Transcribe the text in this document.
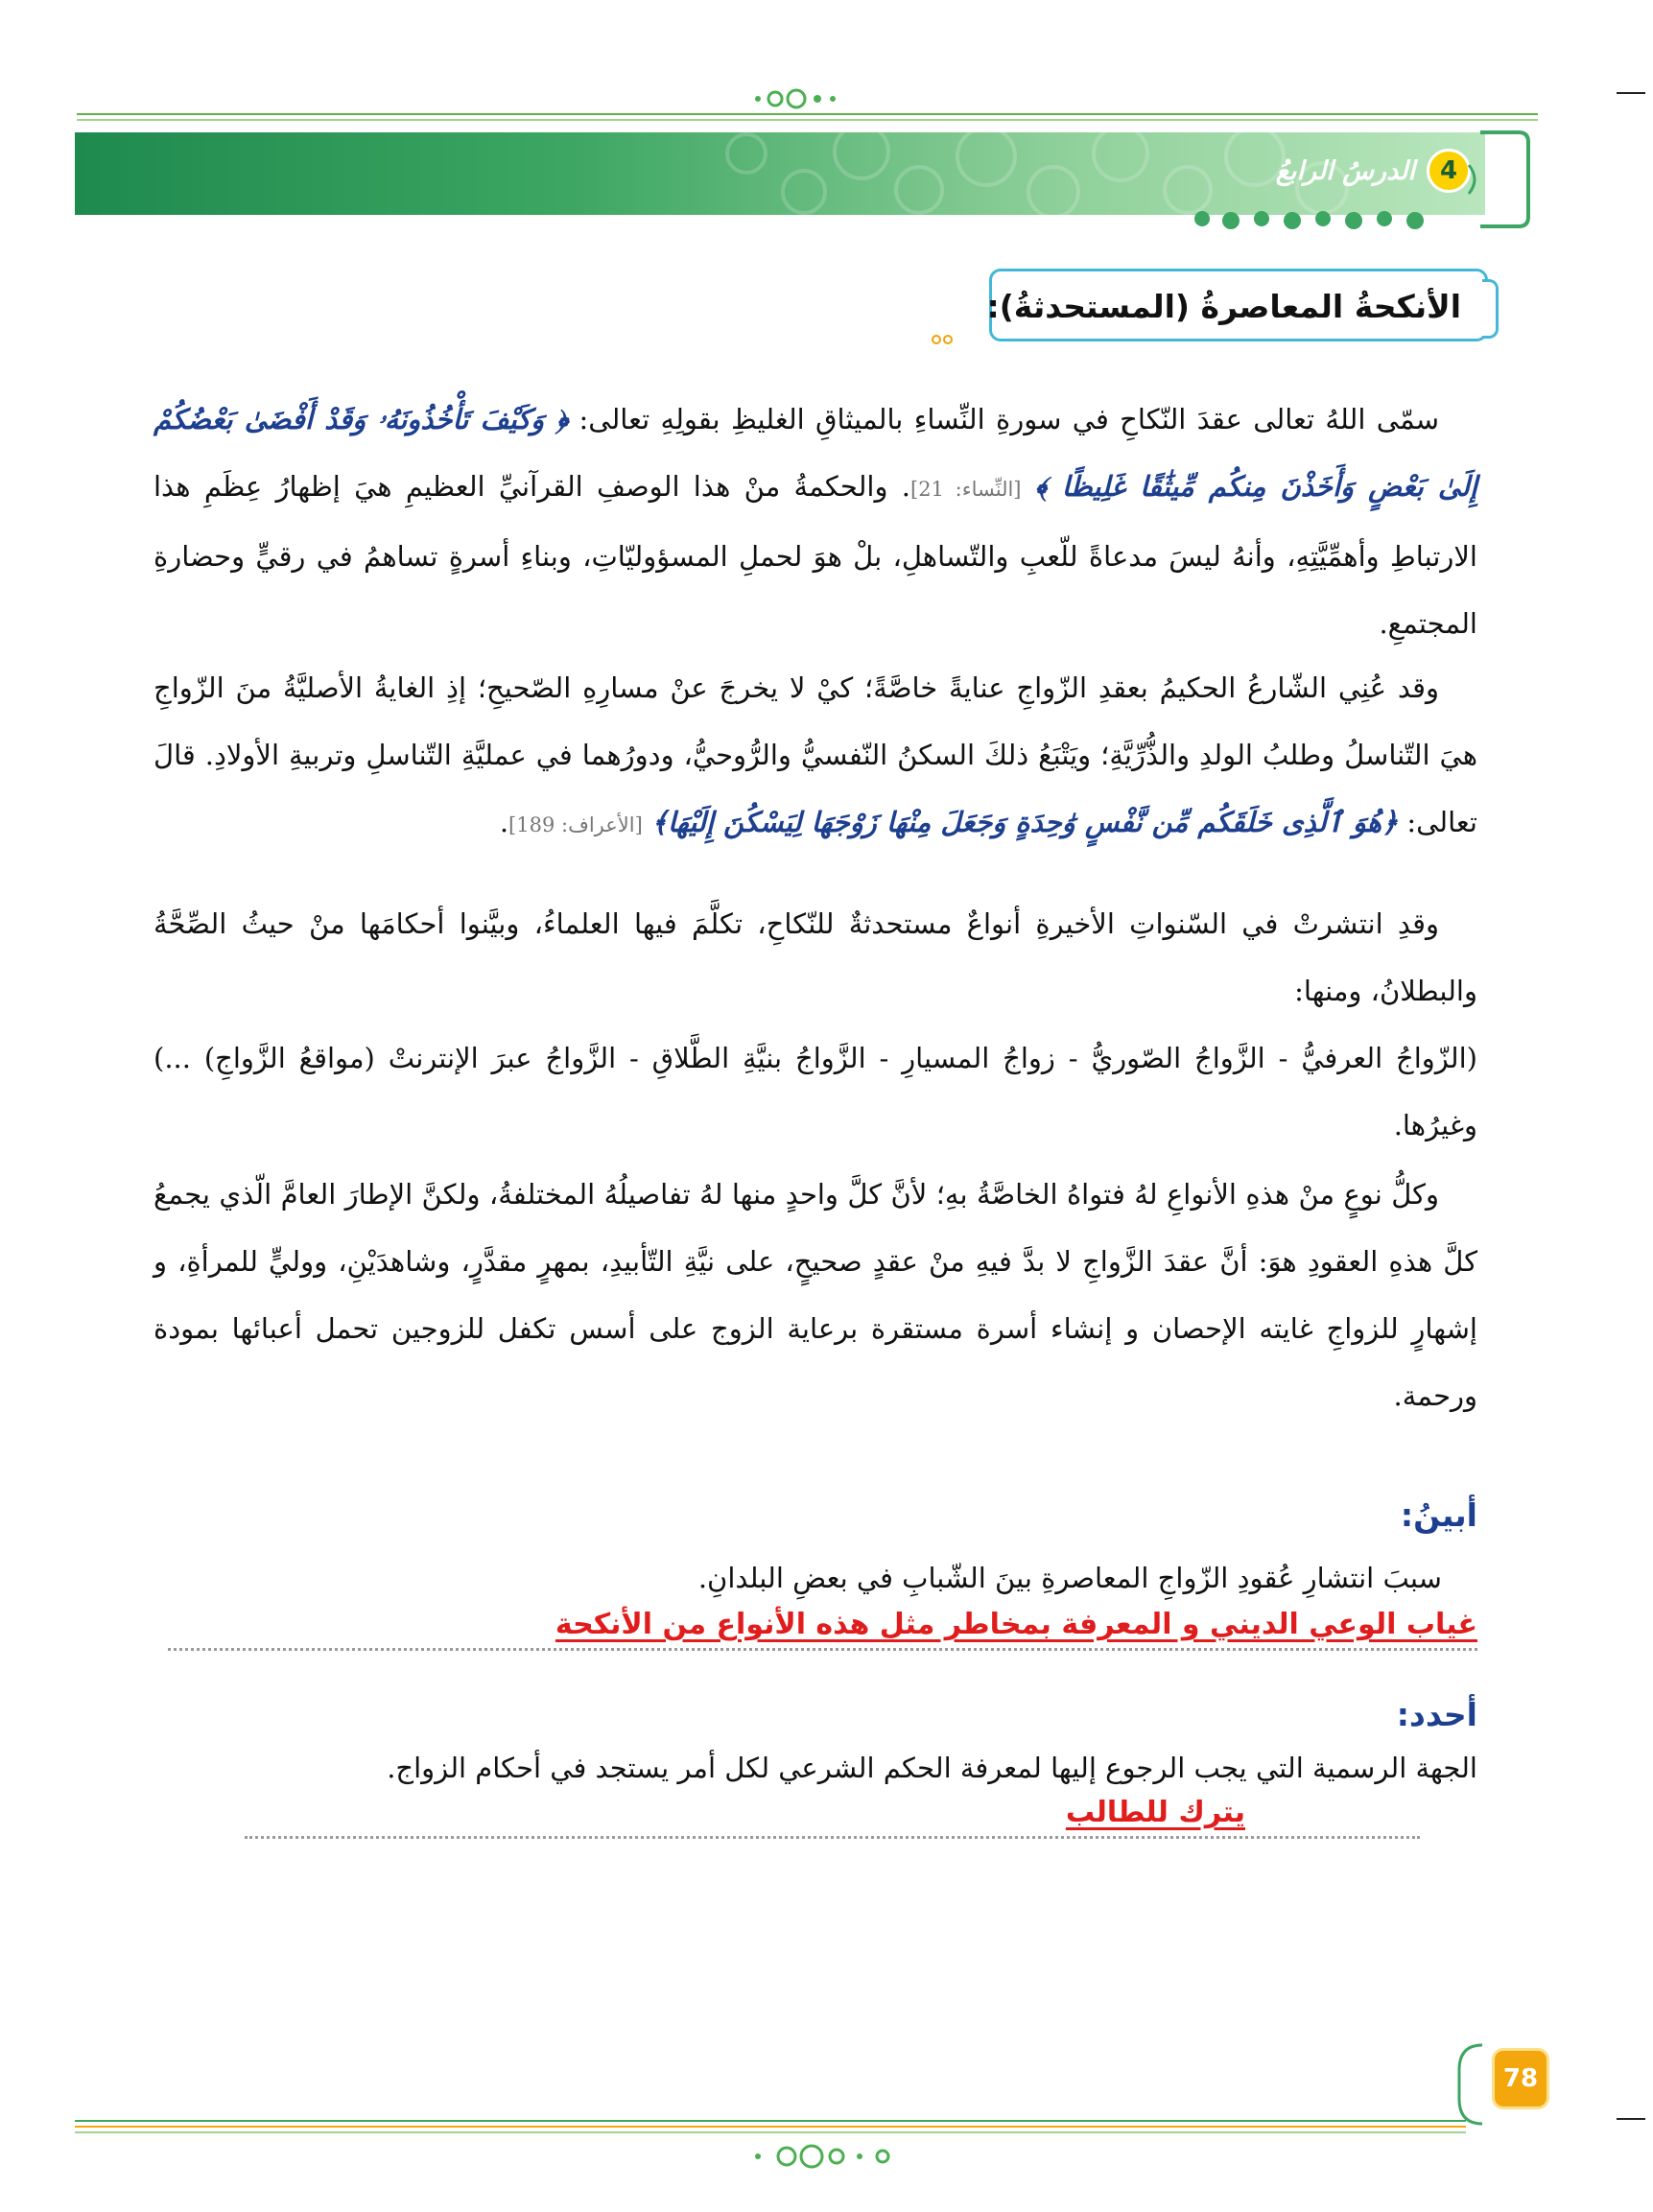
4
الدرسُ الرابعُ
الأنكحةُ المعاصرةُ (المستحدثةُ):
سمّى اللهُ تعالى عقدَ النّكاحِ في سورةِ النِّساءِ بالميثاقِ الغليظِ بقولِهِ تعالى: ﴿ وَكَيْفَ تَأْخُذُونَهُۥ وَقَدْ أَفْضَىٰ بَعْضُكُمْ إِلَىٰ بَعْضٍ وَأَخَذْنَ مِنكُم مِّيثَٰقًا غَلِيظًا ﴾ [النِّساء: 21]. والحكمةُ منْ هذا الوصفِ القرآنيِّ العظيمِ هيَ إظهارُ عِظَمِ هذا الارتباطِ وأهمِّيَّتِهِ، وأنهُ ليسَ مدعاةً للّعبِ والتّساهلِ، بلْ هوَ لحملِ المسؤوليّاتِ، وبناءِ أسرةٍ تساهمُ في رقيٍّ وحضارةِ المجتمعِ.
وقد عُنِي الشّارعُ الحكيمُ بعقدِ الزّواجِ عنايةً خاصَّةً؛ كيْ لا يخرجَ عنْ مسارِهِ الصّحيحِ؛ إذِ الغايةُ الأصليَّةُ منَ الزّواجِ هيَ التّناسلُ وطلبُ الولدِ والذُّرِّيَّةِ؛ ويَتْبَعُ ذلكَ السكنُ النّفسيُّ والرُّوحيُّ، ودورُهما في عمليَّةِ التّناسلِ وتربيةِ الأولادِ. قالَ تعالى: ﴿هُوَ ٱلَّذِى خَلَقَكُم مِّن نَّفْسٍ وَٰحِدَةٍ وَجَعَلَ مِنْهَا زَوْجَهَا لِيَسْكُنَ إِلَيْهَا﴾ [الأعراف: 189].
وقدِ انتشرتْ في السّنواتِ الأخيرةِ أنواعٌ مستحدثةٌ للنّكاحِ، تكلَّمَ فيها العلماءُ، وبيَّنوا أحكامَها منْ حيثُ الصِّحَّةُ والبطلانُ، ومنها:
(الزّواجُ العرفيُّ - الزَّواجُ الصّوريُّ - زواجُ المسيارِ - الزَّواجُ بنيَّةِ الطَّلاقِ - الزَّواجُ عبرَ الإنترنتْ (مواقعُ الزَّواجِ) ...) وغيرُها.
وكلُّ نوعٍ منْ هذهِ الأنواعِ لهُ فتواهُ الخاصَّةُ بهِ؛ لأنَّ كلَّ واحدٍ منها لهُ تفاصيلُهُ المختلفةُ، ولكنَّ الإطارَ العامَّ الّذي يجمعُ كلَّ هذهِ العقودِ هوَ: أنَّ عقدَ الزَّواجِ لا بدَّ فيهِ منْ عقدٍ صحيحٍ، على نيَّةِ التّأبيدِ، بمهرٍ مقدَّرٍ، وشاهدَيْنِ، ووليٍّ للمرأةِ، و إشهارٍ للزواجِ غايته الإحصان و إنشاء أسرة مستقرة برعاية الزوج على أسس تكفل للزوجين تحمل أعبائها بمودة ورحمة.
أبينُ:
سببَ انتشارِ عُقودِ الزّواجِ المعاصرةِ بينَ الشّبابِ في بعضِ البلدانِ.
غياب الوعي الديني و المعرفة بمخاطر مثل هذه الأنواع من الأنكحة
أحدد:
الجهة الرسمية التي يجب الرجوع إليها لمعرفة الحكم الشرعي لكل أمر يستجد في أحكام الزواج.
يترك للطالب
78
